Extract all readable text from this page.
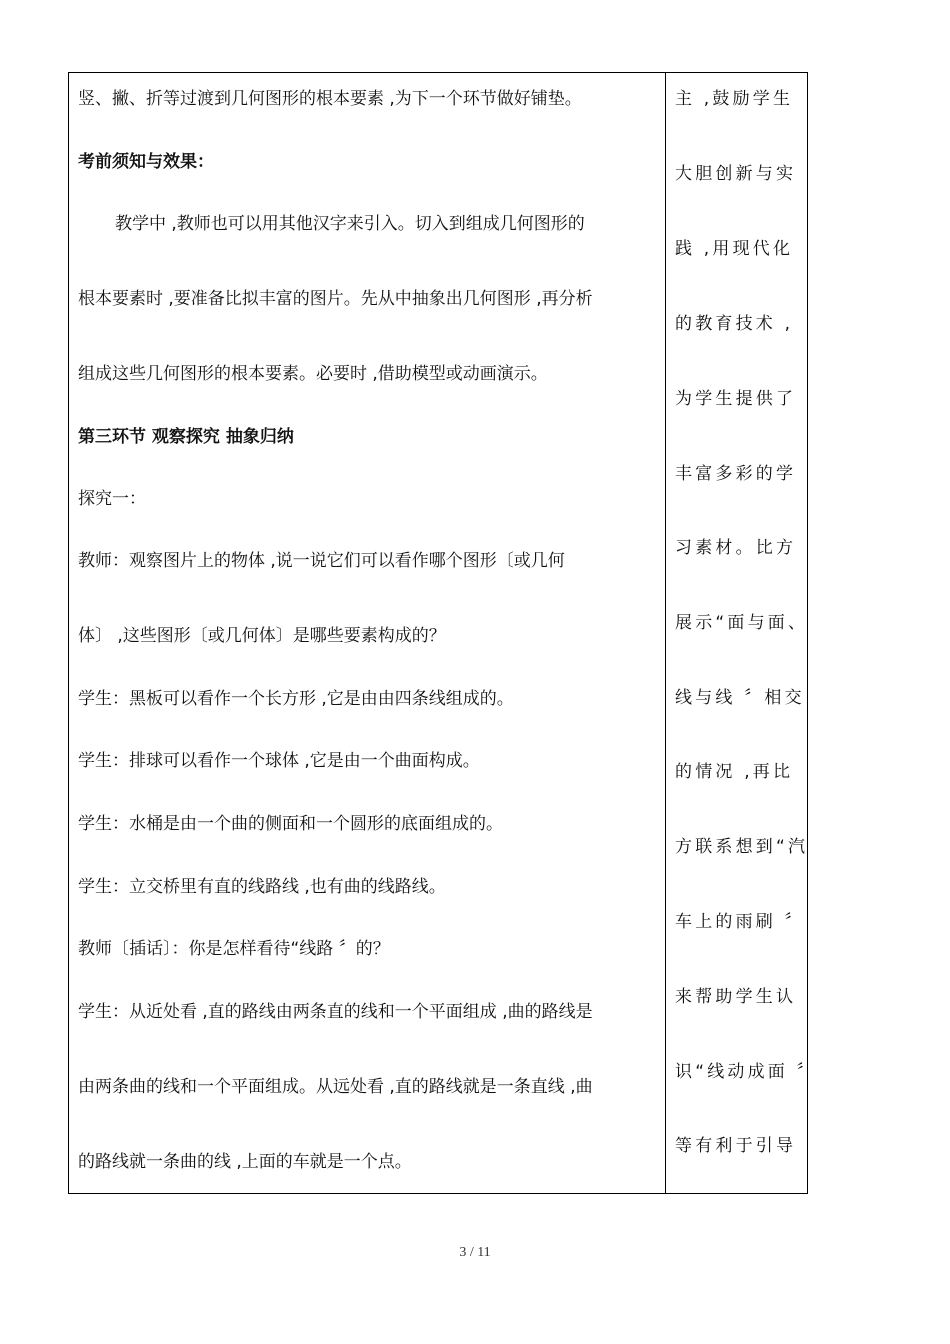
竖、撇、折等过渡到几何图形的根本要素 ,为下一个环节做好铺垫。
考前须知与效果：
教学中 ,教师也可以用其他汉字来引入。切入到组成几何图形的
根本要素时 ,要准备比拟丰富的图片。先从中抽象出几何图形 ,再分析
组成这些几何图形的根本要素。必要时 ,借助模型或动画演示。
第三环节 观察探究 抽象归纳
探究一：
教师：观察图片上的物体 ,说一说它们可以看作哪个图形〔或几何
体〕 ,这些图形〔或几何体〕是哪些要素构成的？
学生：黑板可以看作一个长方形 ,它是由由四条线组成的。
学生：排球可以看作一个球体 ,它是由一个曲面构成。
学生：水桶是由一个曲的侧面和一个圆形的底面组成的。
学生：立交桥里有直的线路线 ,也有曲的线路线。
教师〔插话〕：你是怎样看待“线路 〞的？
学生：从近处看 ,直的路线由两条直的线和一个平面组成 ,曲的路线是
由两条曲的线和一个平面组成。从远处看 ,直的路线就是一条直线 ,曲
的路线就一条曲的线 ,上面的车就是一个点。
主 ,鼓励学生
大胆创新与实
践 ,用现代化
的教育技术 ,
为学生提供了
丰富多彩的学
习素材。比方
展示“面与面、
线与线 〞相交
的情况 ,再比
方联系想到“汽
车上的雨刷 〞
来帮助学生认
识“线动成面 〞
等有利于引导
3 / 11
